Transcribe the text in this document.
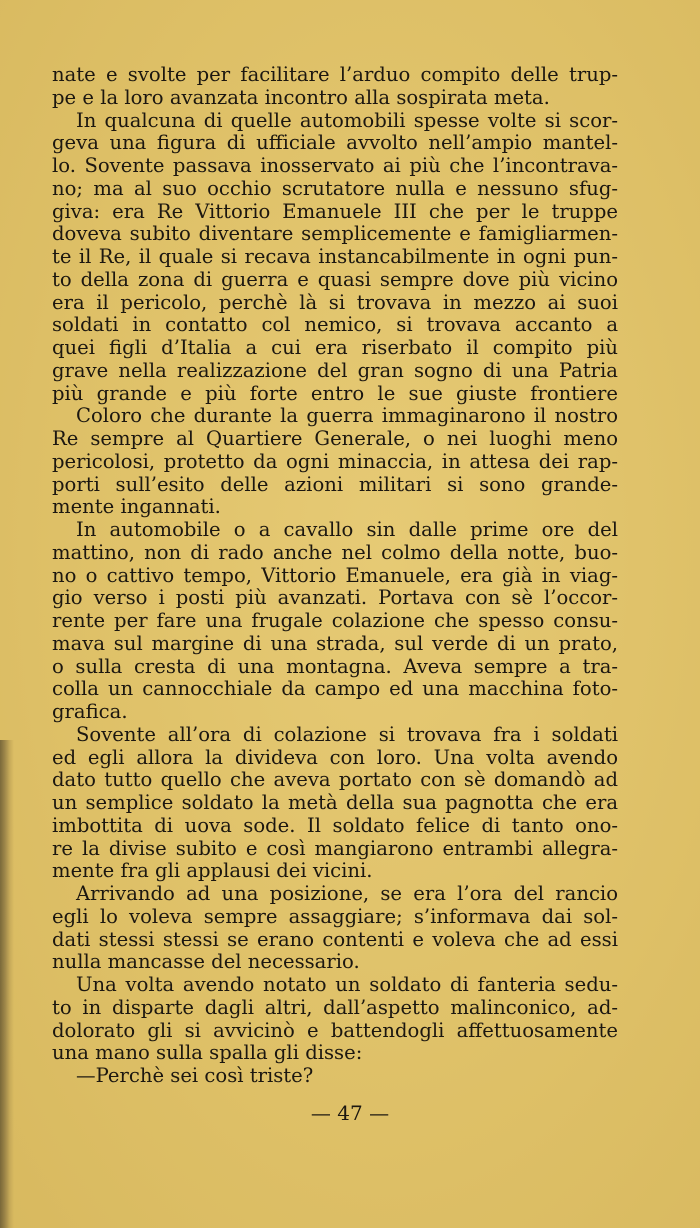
nate e svolte per facilitare l’arduo compito delle trup-
pe e la loro avanzata incontro alla sospirata meta.
In qualcuna di quelle automobili spesse volte si scor-
geva una figura di ufficiale avvolto nell’ampio mantel-
lo. Sovente passava inosservato ai più che l’incontrava-
no; ma al suo occhio scrutatore nulla e nessuno sfug-
giva: era Re Vittorio Emanuele III che per le truppe
doveva subito diventare semplicemente e famigliarmen-
te il Re, il quale si recava instancabilmente in ogni pun-
to della zona di guerra e quasi sempre dove più vicino
era il pericolo, perchè là si trovava in mezzo ai suoi
soldati in contatto col nemico, si trovava accanto a
quei figli d’Italia a cui era riserbato il compito più
grave nella realizzazione del gran sogno di una Patria
più grande e più forte entro le sue giuste frontiere
Coloro che durante la guerra immaginarono il nostro
Re sempre al Quartiere Generale, o nei luoghi meno
pericolosi, protetto da ogni minaccia, in attesa dei rap-
porti sull’esito delle azioni militari si sono grande-
mente ingannati.
In automobile o a cavallo sin dalle prime ore del
mattino, non di rado anche nel colmo della notte, buo-
no o cattivo tempo, Vittorio Emanuele, era già in viag-
gio verso i posti più avanzati. Portava con sè l’occor-
rente per fare una frugale colazione che spesso consu-
mava sul margine di una strada, sul verde di un prato,
o sulla cresta di una montagna. Aveva sempre a tra-
colla un cannocchiale da campo ed una macchina foto-
grafica.
Sovente all’ora di colazione si trovava fra i soldati
ed egli allora la divideva con loro. Una volta avendo
dato tutto quello che aveva portato con sè domandò ad
un semplice soldato la metà della sua pagnotta che era
imbottita di uova sode. Il soldato felice di tanto ono-
re la divise subito e così mangiarono entrambi allegra-
mente fra gli applausi dei vicini.
Arrivando ad una posizione, se era l’ora del rancio
egli lo voleva sempre assaggiare; s’informava dai sol-
dati stessi stessi se erano contenti e voleva che ad essi
nulla mancasse del necessario.
Una volta avendo notato un soldato di fanteria sedu-
to in disparte dagli altri, dall’aspetto malinconico, ad-
dolorato gli si avvicinò e battendogli affettuosamente
una mano sulla spalla gli disse:
—Perchè sei così triste?
— 47 —
